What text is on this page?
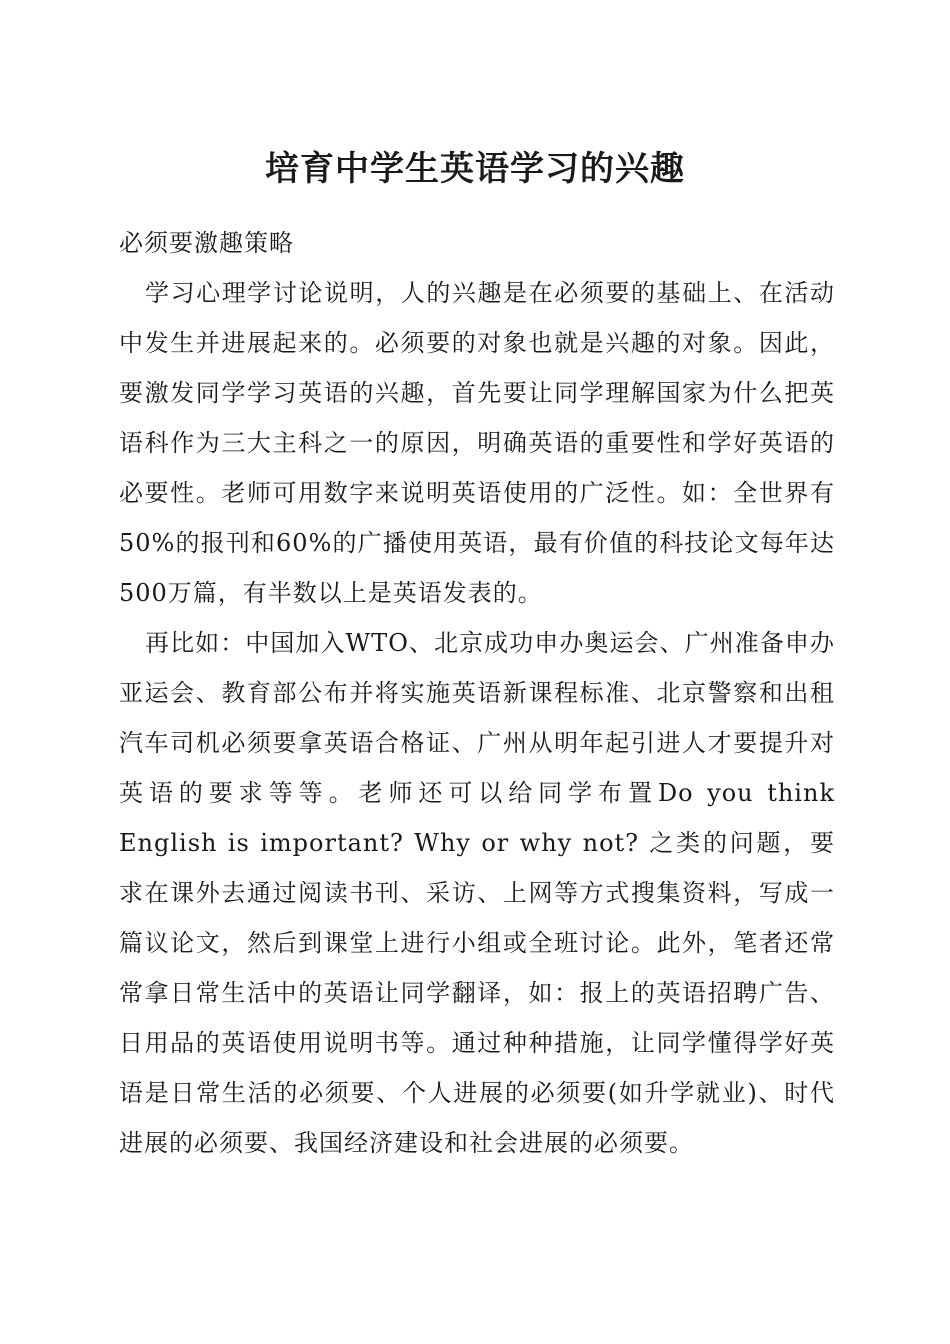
培育中学生英语学习的兴趣

必须要激趣策略

学习心理学讨论说明，人的兴趣是在必须要的基础上、在活动中发生并进展起来的。必须要的对象也就是兴趣的对象。因此，要激发同学学习英语的兴趣，首先要让同学理解国家为什么把英语科作为三大主科之一的原因，明确英语的重要性和学好英语的必要性。老师可用数字来说明英语使用的广泛性。如：全世界有50%的报刊和60%的广播使用英语，最有价值的科技论文每年达500万篇，有半数以上是英语发表的。

再比如：中国加入WTO、北京成功申办奥运会、广州准备申办亚运会、教育部公布并将实施英语新课程标准、北京警察和出租汽车司机必须要拿英语合格证、广州从明年起引进人才要提升对英语的要求等等。老师还可以给同学布置Do you think English is important? Why or why not? 之类的问题，要求在课外去通过阅读书刊、采访、上网等方式搜集资料，写成一篇议论文，然后到课堂上进行小组或全班讨论。此外，笔者还常常拿日常生活中的英语让同学翻译，如：报上的英语招聘广告、日用品的英语使用说明书等。通过种种措施，让同学懂得学好英语是日常生活的必须要、个人进展的必须要(如升学就业)、时代进展的必须要、我国经济建设和社会进展的必须要。
